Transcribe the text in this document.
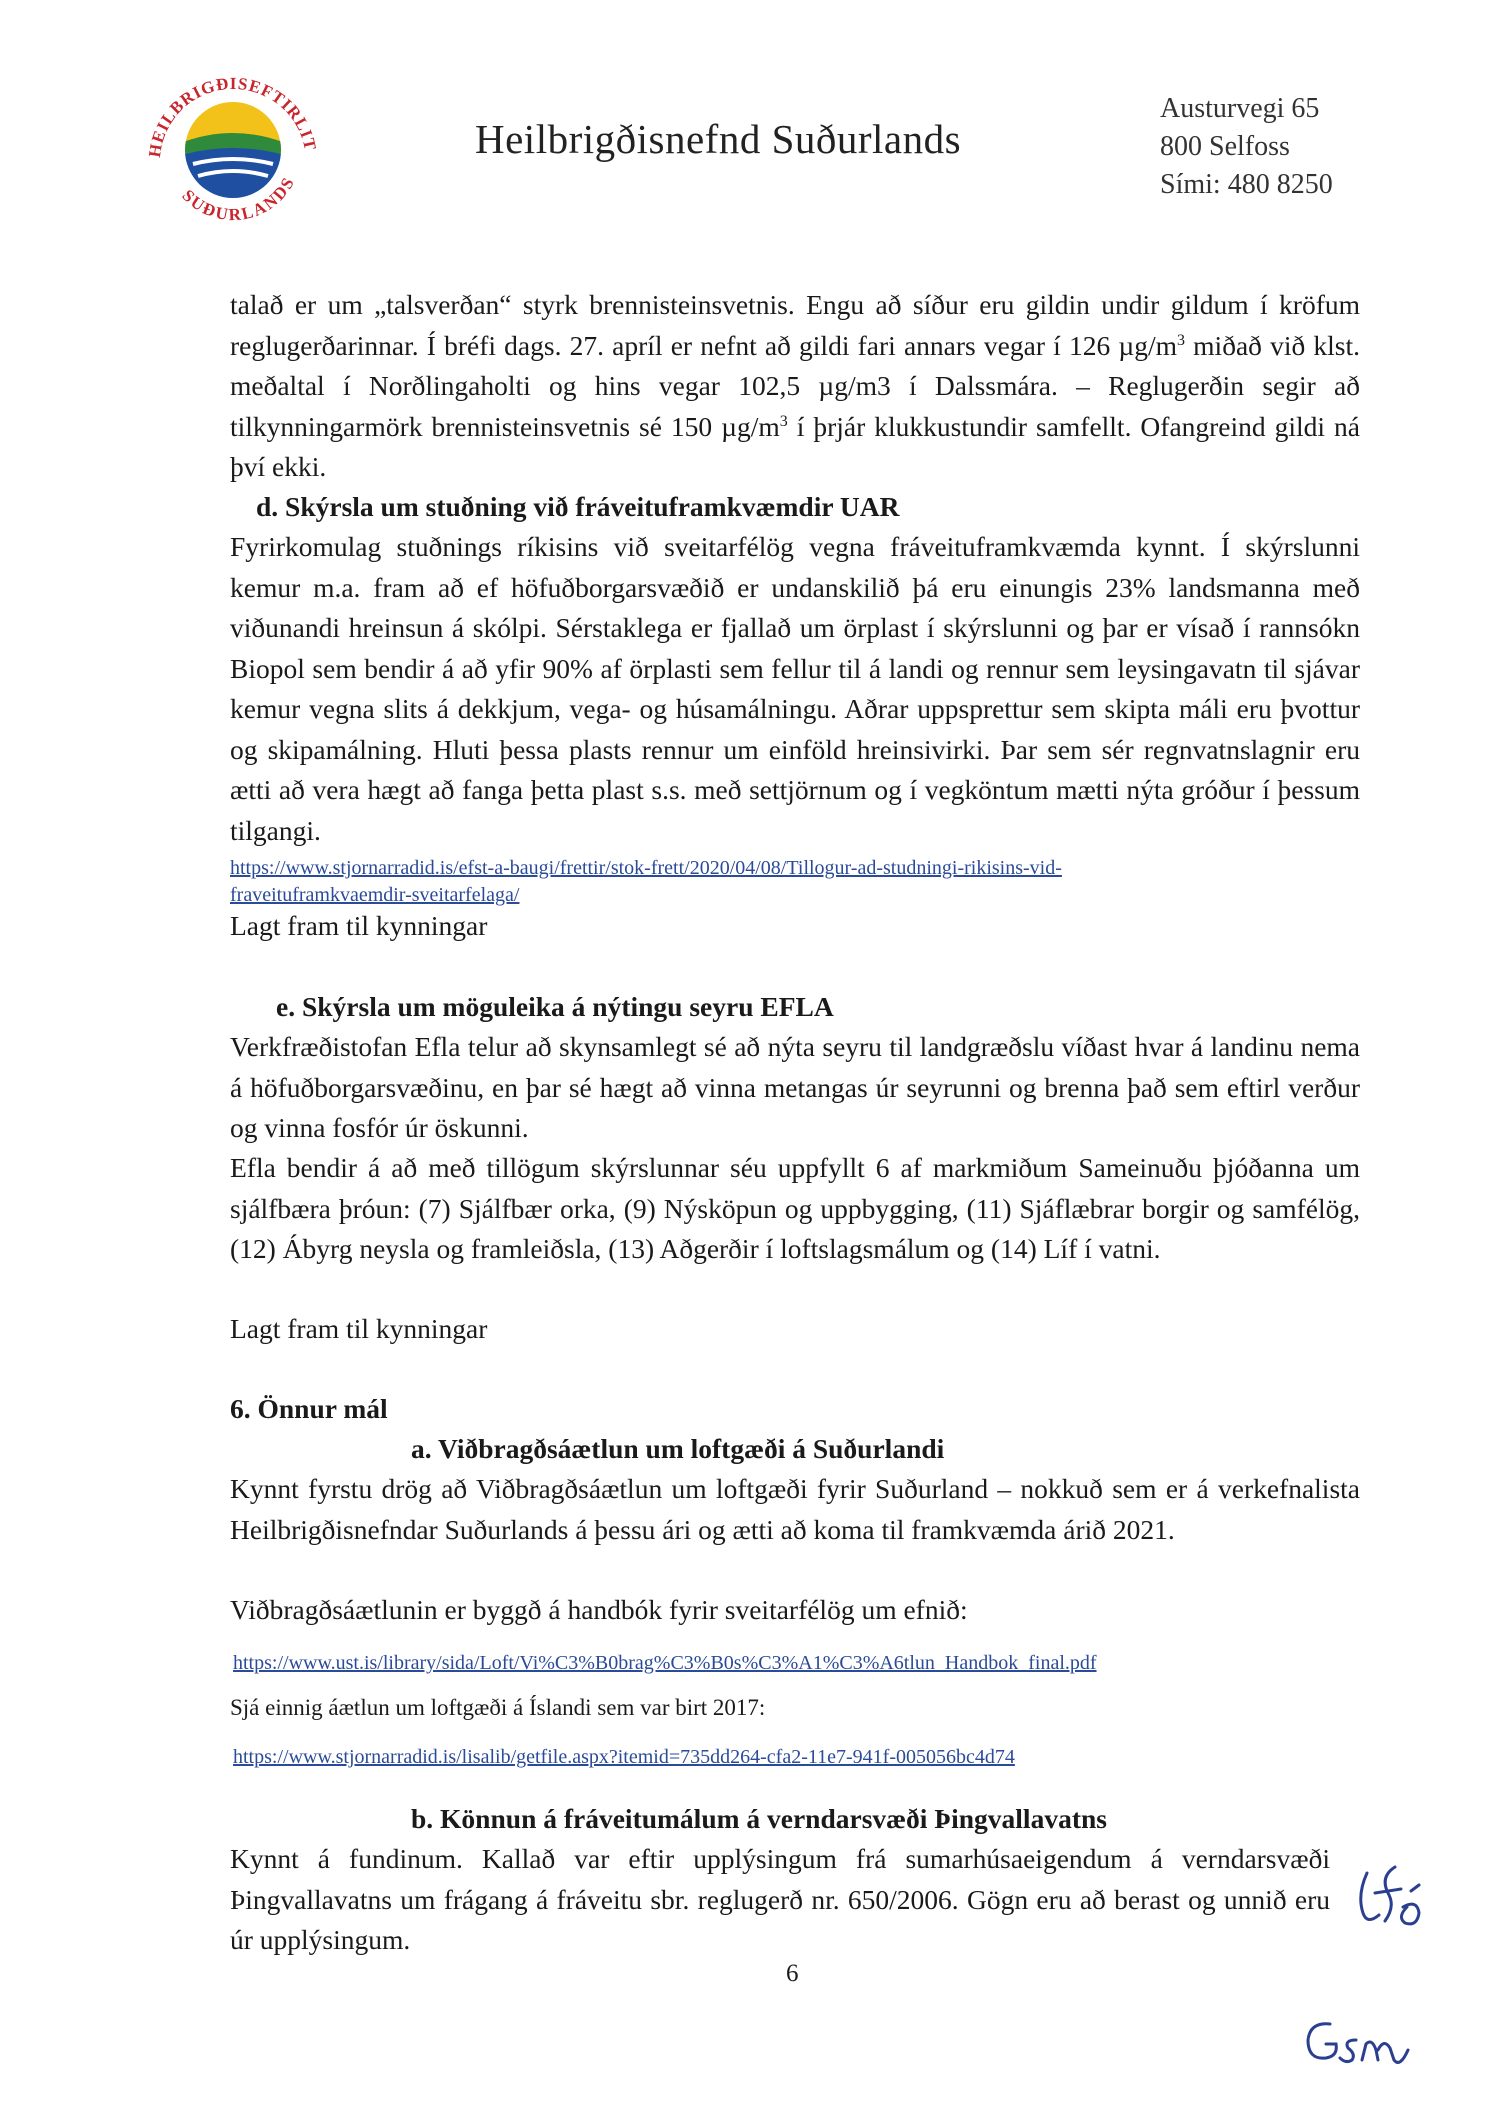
HEILBRIGÐISEFTIRLIT
SUÐURLANDS
Heilbrigðisnefnd Suðurlands
Austurvegi 65
800 Selfoss
Sími: 480 8250
talað er um „talsverðan“ styrk brennisteinsvetnis. Engu að síður eru gildin undir gildum í kröfum reglugerðarinnar. Í bréfi dags. 27. apríl er nefnt að gildi fari annars vegar í 126 $\mu g/m^3$ miðað við klst. meðaltal í Norðlingaholti og hins vegar 102,5 µg/m3 í Dalssmára. – Reglugerðin segir að tilkynningarmörk brennisteinsvetnis sé 150 $\mu g/m^3$ í þrjár klukkustundir samfellt. Ofangreind gildi ná því ekki.
d. Skýrsla um stuðning við fráveituframkvæmdir UAR
Fyrirkomulag stuðnings ríkisins við sveitarfélög vegna fráveituframkvæmda kynnt. Í skýrslunni kemur m.a. fram að ef höfuðborgarsvæðið er undanskilið þá eru einungis 23% landsmanna með viðunandi hreinsun á skólpi. Sérstaklega er fjallað um örplast í skýrslunni og þar er vísað í rannsókn Biopol sem bendir á að yfir 90% af örplasti sem fellur til á landi og rennur sem leysingavatn til sjávar kemur vegna slits á dekkjum, vega- og húsamálningu. Aðrar uppsprettur sem skipta máli eru þvottur og skipamálning. Hluti þessa plasts rennur um einföld hreinsivirki. Þar sem sér regnvatnslagnir eru ætti að vera hægt að fanga þetta plast s.s. með settjörnum og í vegköntum mætti nýta gróður í þessum tilgangi.
https://www.stjornarradid.is/efst-a-baugi/frettir/stok-frett/2020/04/08/Tillogur-ad-studningi-rikisins-vid-
fraveituframkvaemdir-sveitarfelaga/
Lagt fram til kynningar
e. Skýrsla um möguleika á nýtingu seyru EFLA
Verkfræðistofan Efla telur að skynsamlegt sé að nýta seyru til landgræðslu víðast hvar á landinu nema á höfuðborgarsvæðinu, en þar sé hægt að vinna metangas úr seyrunni og brenna það sem eftirl verður og vinna fosfór úr öskunni.
Efla bendir á að með tillögum skýrslunnar séu uppfyllt 6 af markmiðum Sameinuðu þjóðanna um sjálfbæra þróun: (7) Sjálfbær orka, (9) Nýsköpun og uppbygging, (11) Sjáflæbrar borgir og samfélög, (12) Ábyrg neysla og framleiðsla, (13) Aðgerðir í loftslagsmálum og (14) Líf í vatni.
Lagt fram til kynningar
6. Önnur mál
a. Viðbragðsáætlun um loftgæði á Suðurlandi
Kynnt fyrstu drög að Viðbragðsáætlun um loftgæði fyrir Suðurland – nokkuð sem er á verkefnalista Heilbrigðisnefndar Suðurlands á þessu ári og ætti að koma til framkvæmda árið 2021.
Viðbragðsáætlunin er byggð á handbók fyrir sveitarfélög um efnið:
https://www.ust.is/library/sida/Loft/Vi%C3%B0brag%C3%B0s%C3%A1%C3%A6tlun_Handbok_final.pdf
Sjá einnig áætlun um loftgæði á Íslandi sem var birt 2017:
https://www.stjornarradid.is/lisalib/getfile.aspx?itemid=735dd264-cfa2-11e7-941f-005056bc4d74
b. Könnun á fráveitumálum á verndarsvæði Þingvallavatns
Kynnt á fundinum. Kallað var eftir upplýsingum frá sumarhúsaeigendum á verndarsvæði Þingvallavatns um frágang á fráveitu sbr. reglugerð nr. 650/2006. Gögn eru að berast og unnið eru úr upplýsingum.
6
